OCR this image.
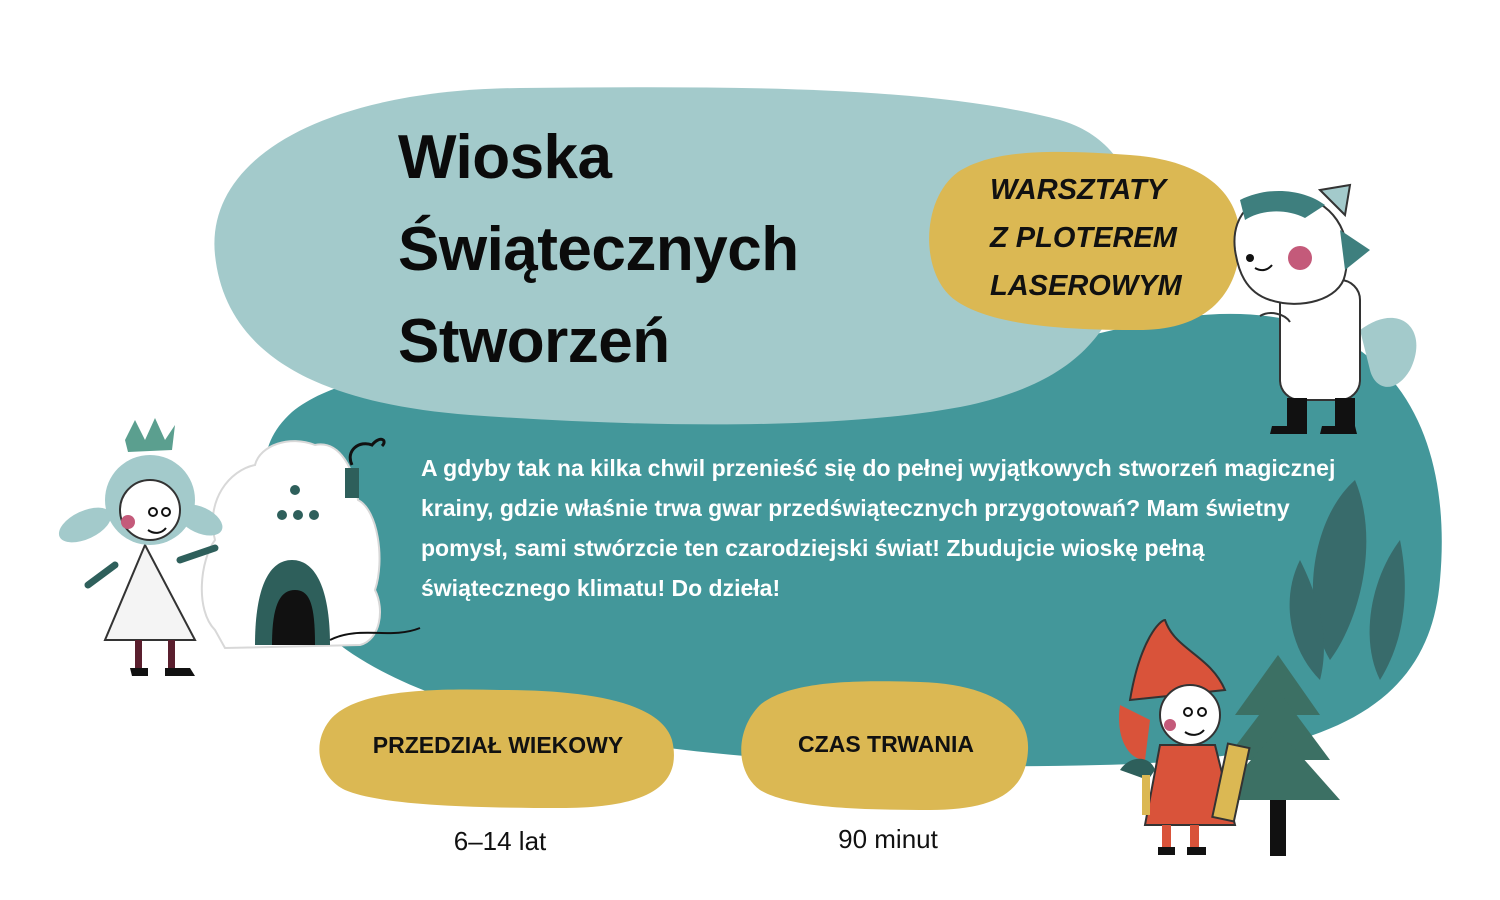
Wioska
Świątecznych
Stworzeń
WARSZTATY
Z PLOTEREM
LASEROWYM

A gdyby tak na kilka chwil przenieść się do pełnej wyjątkowych stworzeń magicznej krainy, gdzie właśnie trwa gwar przedświątecznych przygotowań? Mam świetny pomysł, sami stwórzcie ten czarodziejski świat! Zbudujcie wioskę pełną świątecznego klimatu! Do dzieła!

PRZEDZIAŁ WIEKOWY	CZAS TRWANIA
6–14 lat	90 minut
